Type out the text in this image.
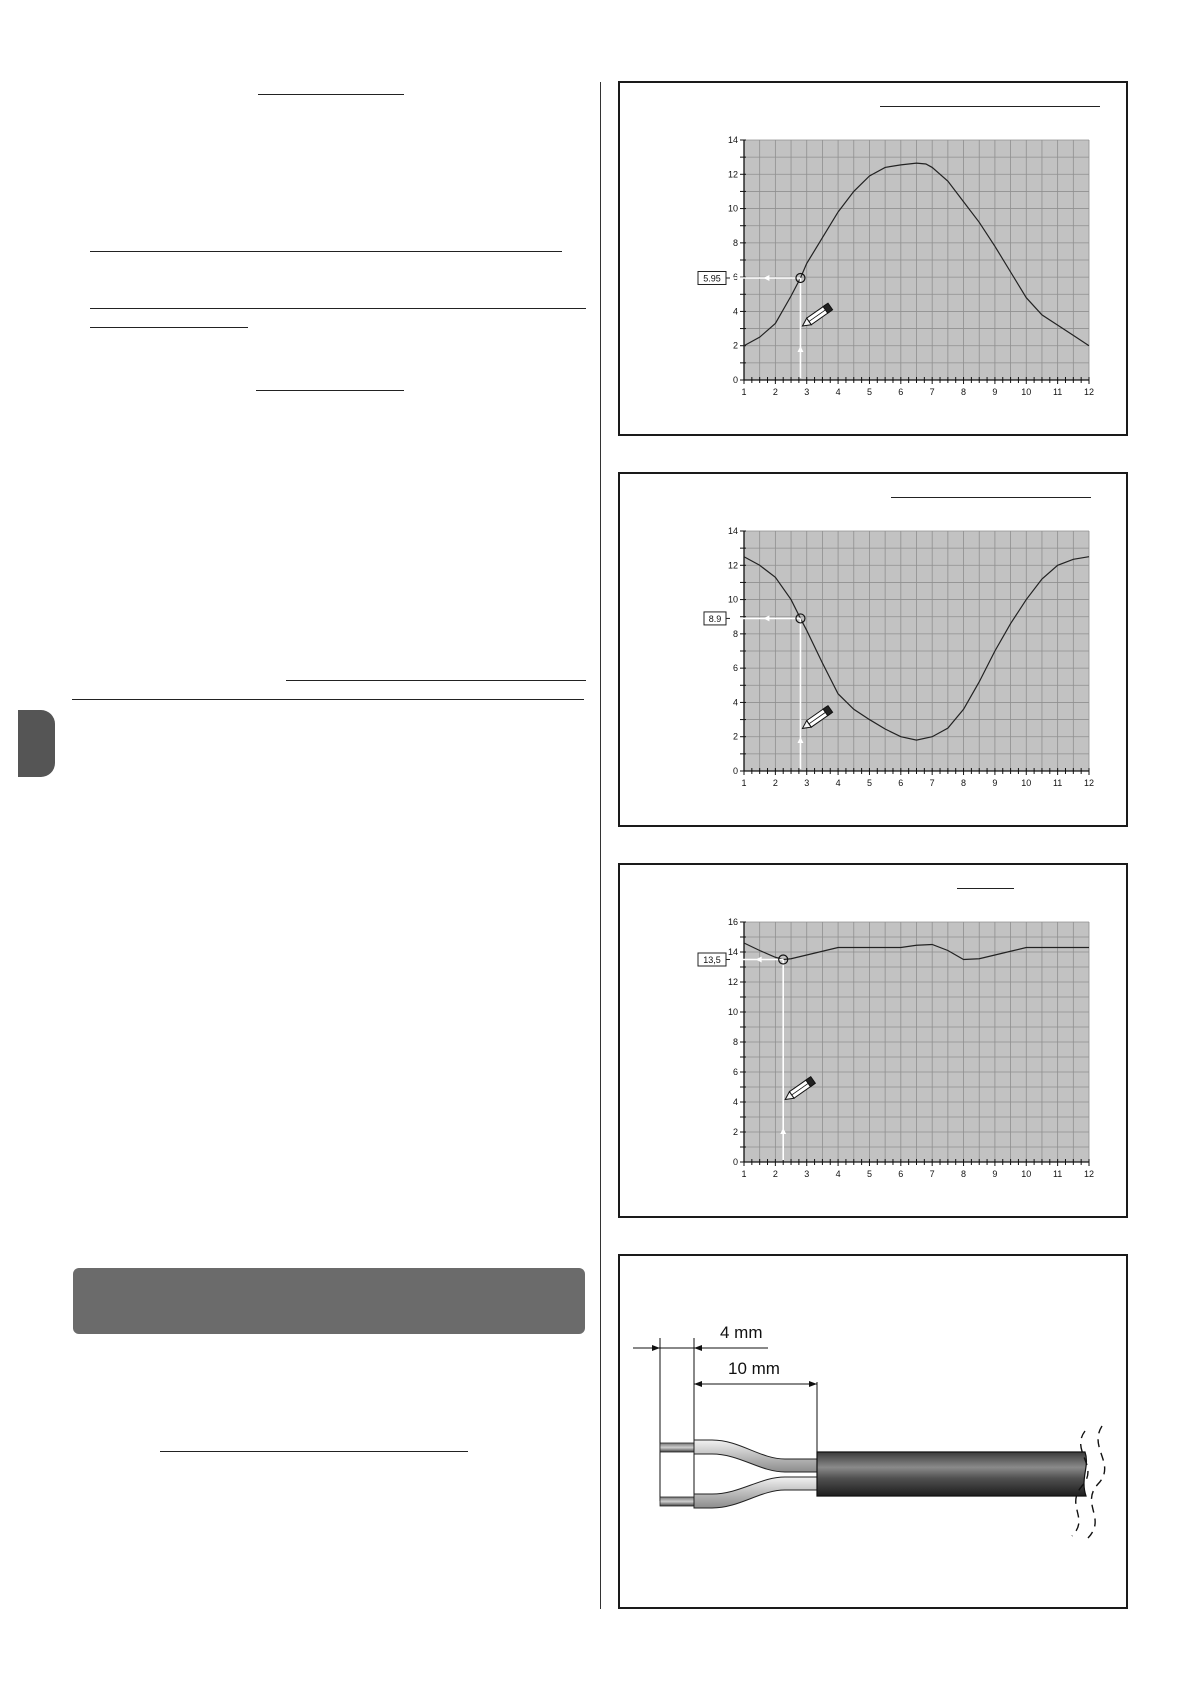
1	2	3	4	5	6	7	8	9	10 11 12
0
2
4
6
8
10
12
14
5.95
1	2	3	4	5	6	7	8	9	10 11 12
0
2
4
6
8
10
12
14
8.9
1	2	3	4	5	6	7	8	9	10 11 12
0
2
4
6
8
10
12
14
16
13,5
4 mm
10 mm
